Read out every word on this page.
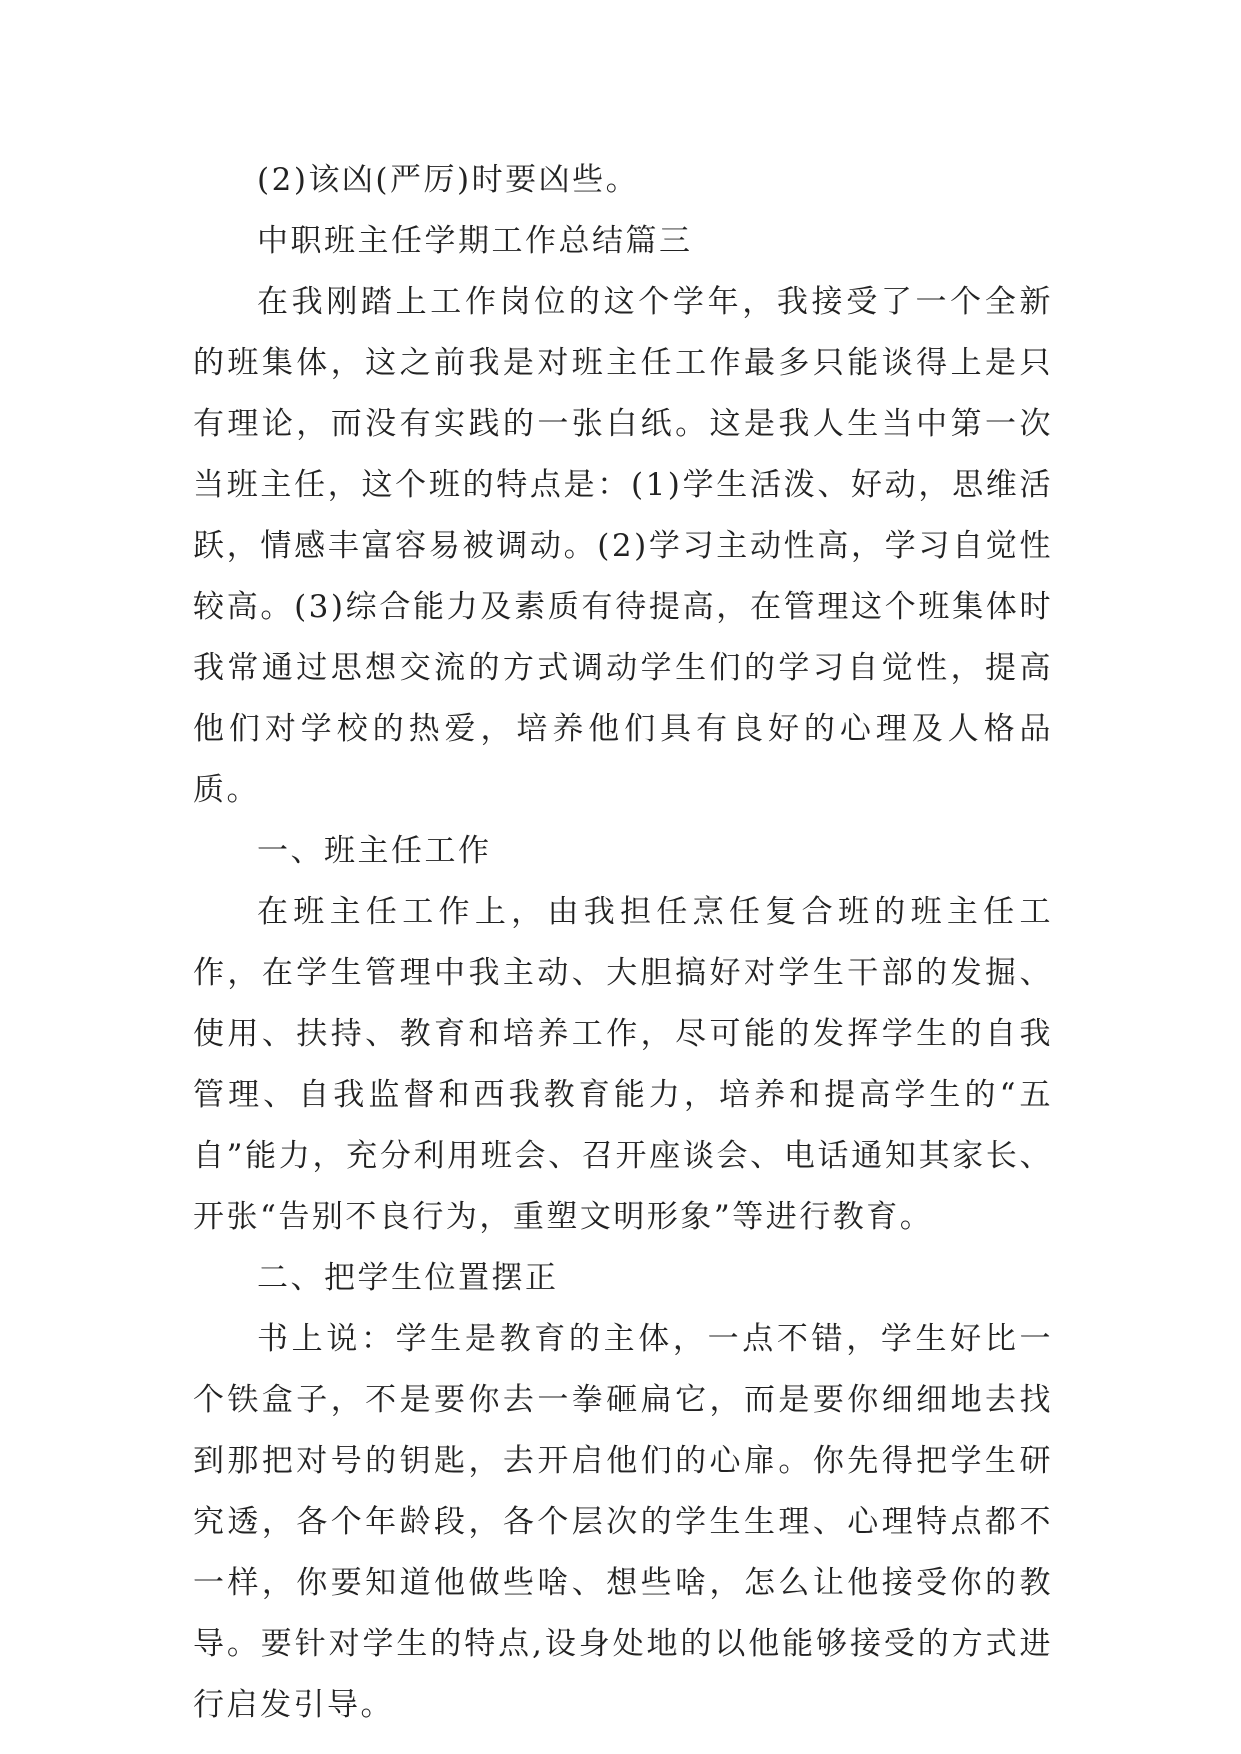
(2)该凶(严厉)时要凶些。

中职班主任学期工作总结篇三

在我刚踏上工作岗位的这个学年，我接受了一个全新的班集体，这之前我是对班主任工作最多只能谈得上是只有理论，而没有实践的一张白纸。这是我人生当中第一次当班主任，这个班的特点是：(1)学生活泼、好动，思维活跃，情感丰富容易被调动。(2)学习主动性高，学习自觉性较高。(3)综合能力及素质有待提高，在管理这个班集体时我常通过思想交流的方式调动学生们的学习自觉性，提高他们对学校的热爱，培养他们具有良好的心理及人格品质。

一、班主任工作

在班主任工作上，由我担任烹任复合班的班主任工作，在学生管理中我主动、大胆搞好对学生干部的发掘、使用、扶持、教育和培养工作，尽可能的发挥学生的自我管理、自我监督和西我教育能力，培养和提高学生的“五自”能力，充分利用班会、召开座谈会、电话通知其家长、开张“告别不良行为，重塑文明形象”等进行教育。

二、把学生位置摆正

书上说：学生是教育的主体，一点不错，学生好比一个铁盒子，不是要你去一拳砸扁它，而是要你细细地去找到那把对号的钥匙，去开启他们的心扉。你先得把学生研究透，各个年龄段，各个层次的学生生理、心理特点都不一样，你要知道他做些啥、想些啥，怎么让他接受你的教导。要针对学生的特点,设身处地的以他能够接受的方式进行启发引导。
